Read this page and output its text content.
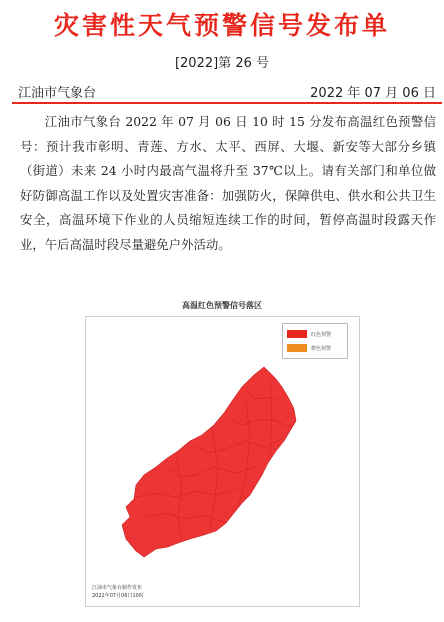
灾害性天气预警信号发布单
[2022]第 26 号
江油市气象台	2022 年 07 月 06 日
江油市气象台 2022 年 07 月 06 日 10 时 15 分发布高温红色预警信号：预计我市彰明、青莲、方水、太平、西屏、大堰、新安等大部分乡镇（街道）未来 24 小时内最高气温将升至 37℃以上。请有关部门和单位做好防御高温工作以及处置灾害准备：加强防火，保障供电、供水和公共卫生安全，高温环境下作业的人员缩短连续工作的时间，暂停高温时段露天作业，午后高温时段尽量避免户外活动。
高温红色预警信号落区
红色预警
橙色预警
江油市气象台制作发布
2022年07月06日10时
